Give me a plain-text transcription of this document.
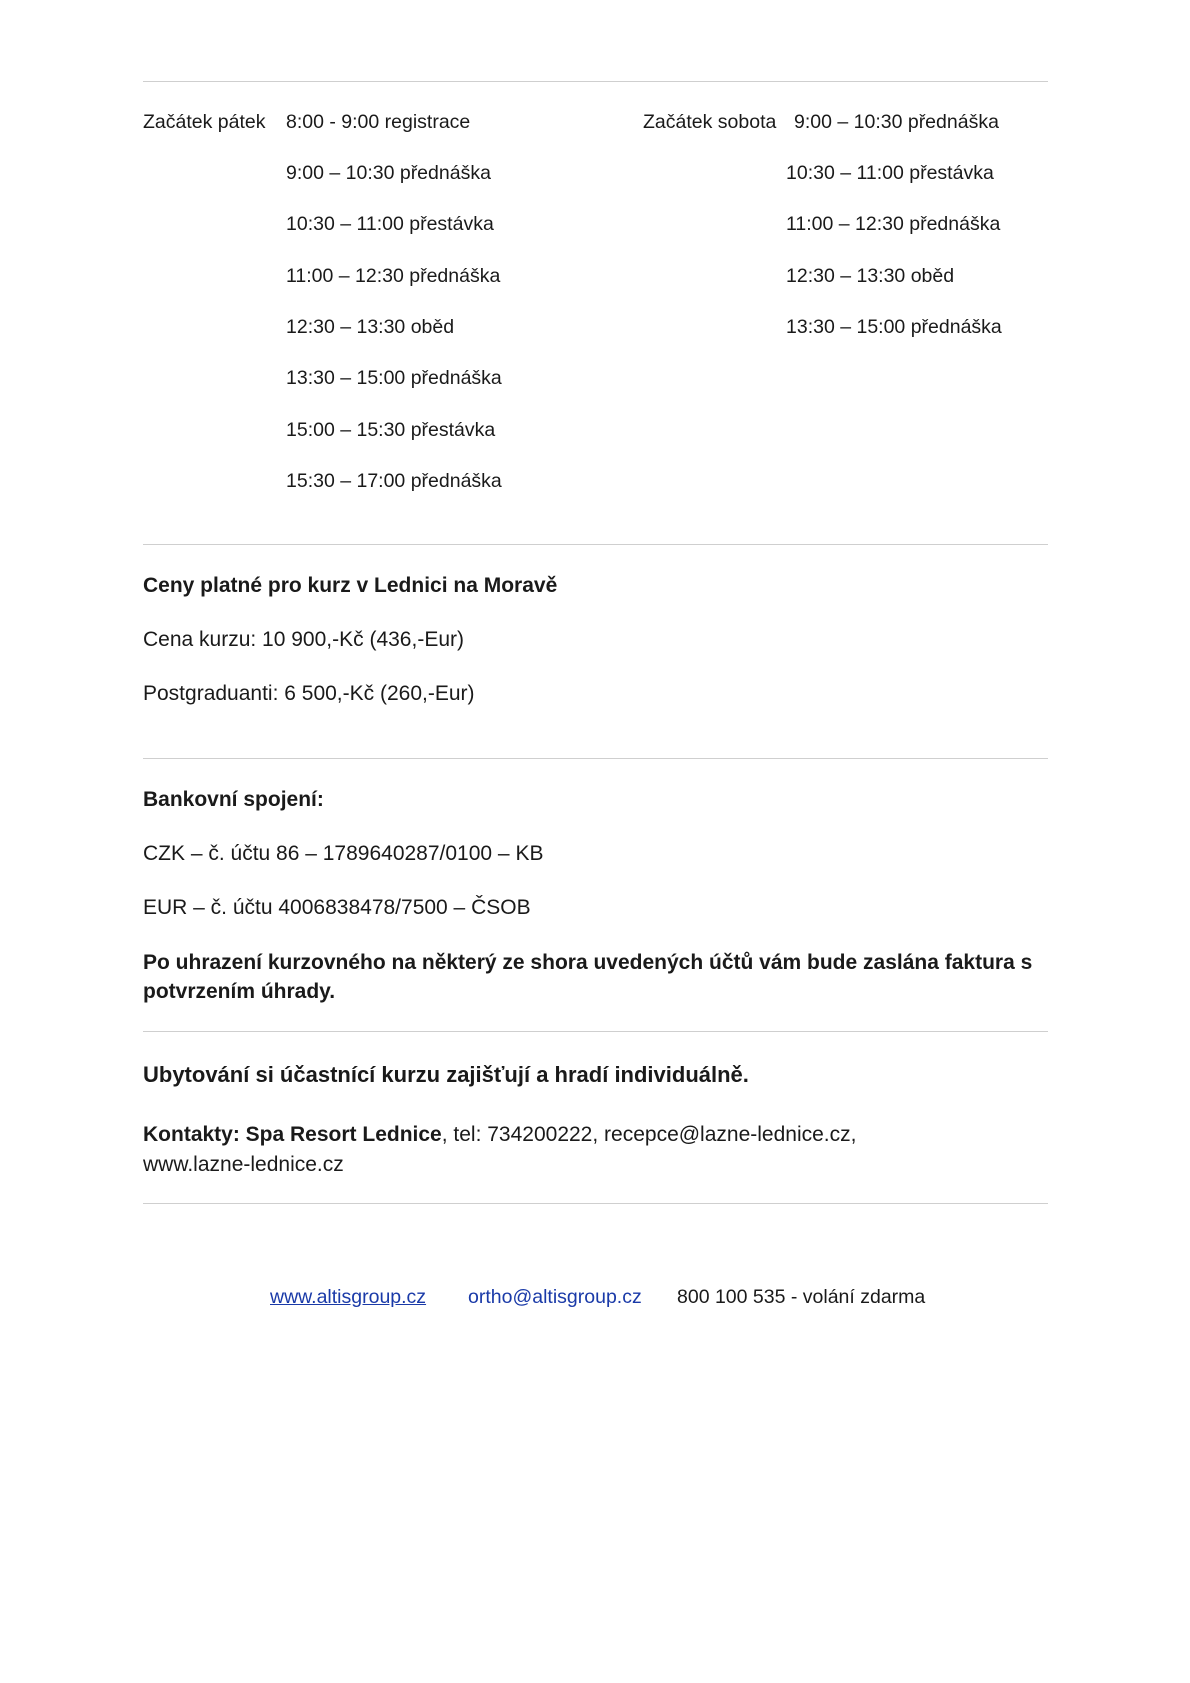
Začátek pátek 8:00 - 9:00 registrace
9:00 – 10:30 přednáška
10:30 – 11:00 přestávka
11:00 – 12:30 přednáška
12:30 – 13:30 oběd
13:30 – 15:00 přednáška
15:00 – 15:30 přestávka
15:30 – 17:00 přednáška
Začátek sobota 9:00 – 10:30 přednáška
10:30 – 11:00 přestávka
11:00 – 12:30 přednáška
12:30 – 13:30 oběd
13:30 – 15:00 přednáška
Ceny platné pro kurz v Lednici na Moravě
Cena kurzu: 10 900,-Kč (436,-Eur)
Postgraduanti: 6 500,-Kč (260,-Eur)
Bankovní spojení:
CZK – č. účtu 86 – 1789640287/0100 – KB
EUR – č. účtu 4006838478/7500 – ČSOB
Po uhrazení kurzovného na některý ze shora uvedených účtů vám bude zaslána faktura s potvrzením úhrady.
Ubytování si účastnící kurzu zajišťují a hradí individuálně.
Kontakty: Spa Resort Lednice, tel: 734200222, recepce@lazne-lednice.cz,
www.lazne-lednice.cz
www.altisgroup.cz ortho@altisgroup.cz 800 100 535 - volání zdarma
